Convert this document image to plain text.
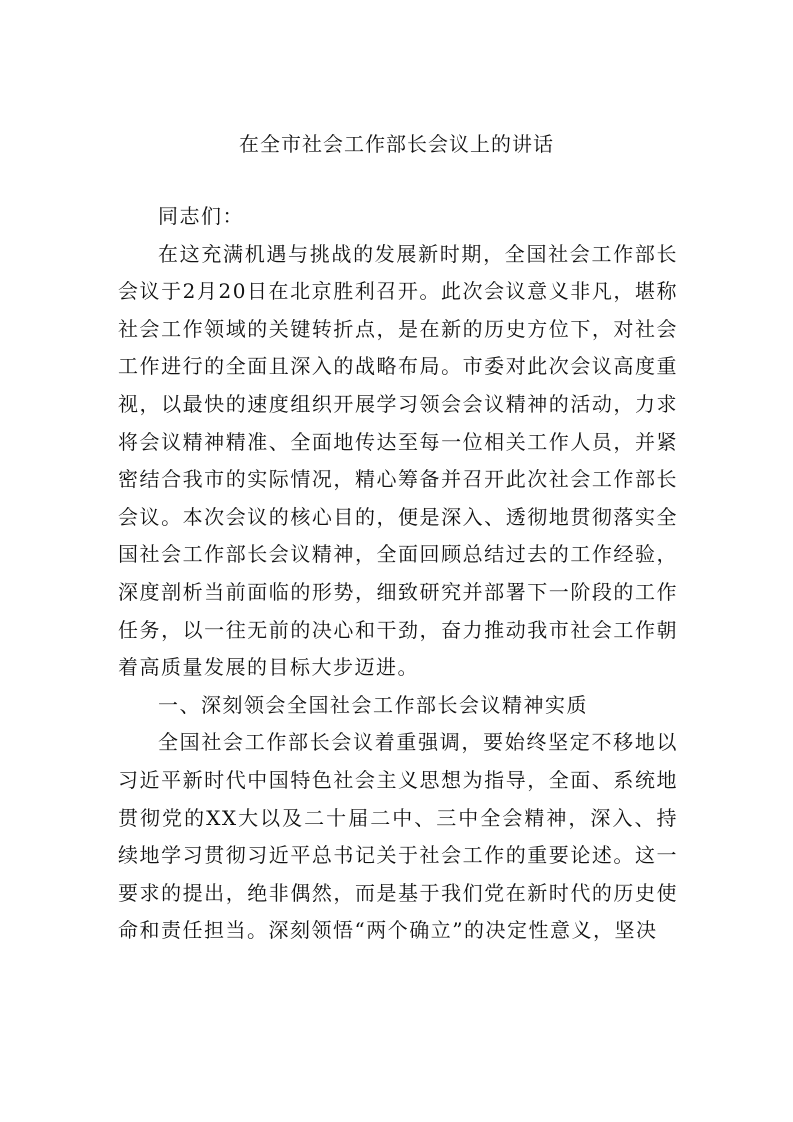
在全市社会工作部长会议上的讲话

同志们：

在这充满机遇与挑战的发展新时期，全国社会工作部长会议于2月20日在北京胜利召开。此次会议意义非凡，堪称社会工作领域的关键转折点，是在新的历史方位下，对社会工作进行的全面且深入的战略布局。市委对此次会议高度重视，以最快的速度组织开展学习领会会议精神的活动，力求将会议精神精准、全面地传达至每一位相关工作人员，并紧密结合我市的实际情况，精心筹备并召开此次社会工作部长会议。本次会议的核心目的，便是深入、透彻地贯彻落实全国社会工作部长会议精神，全面回顾总结过去的工作经验，深度剖析当前面临的形势，细致研究并部署下一阶段的工作任务，以一往无前的决心和干劲，奋力推动我市社会工作朝着高质量发展的目标大步迈进。

一、深刻领会全国社会工作部长会议精神实质

全国社会工作部长会议着重强调，要始终坚定不移地以习近平新时代中国特色社会主义思想为指导，全面、系统地贯彻党的XX大以及二十届二中、三中全会精神，深入、持续地学习贯彻习近平总书记关于社会工作的重要论述。这一要求的提出，绝非偶然，而是基于我们党在新时代的历史使命和责任担当。深刻领悟“两个确立”的决定性意义，坚决
